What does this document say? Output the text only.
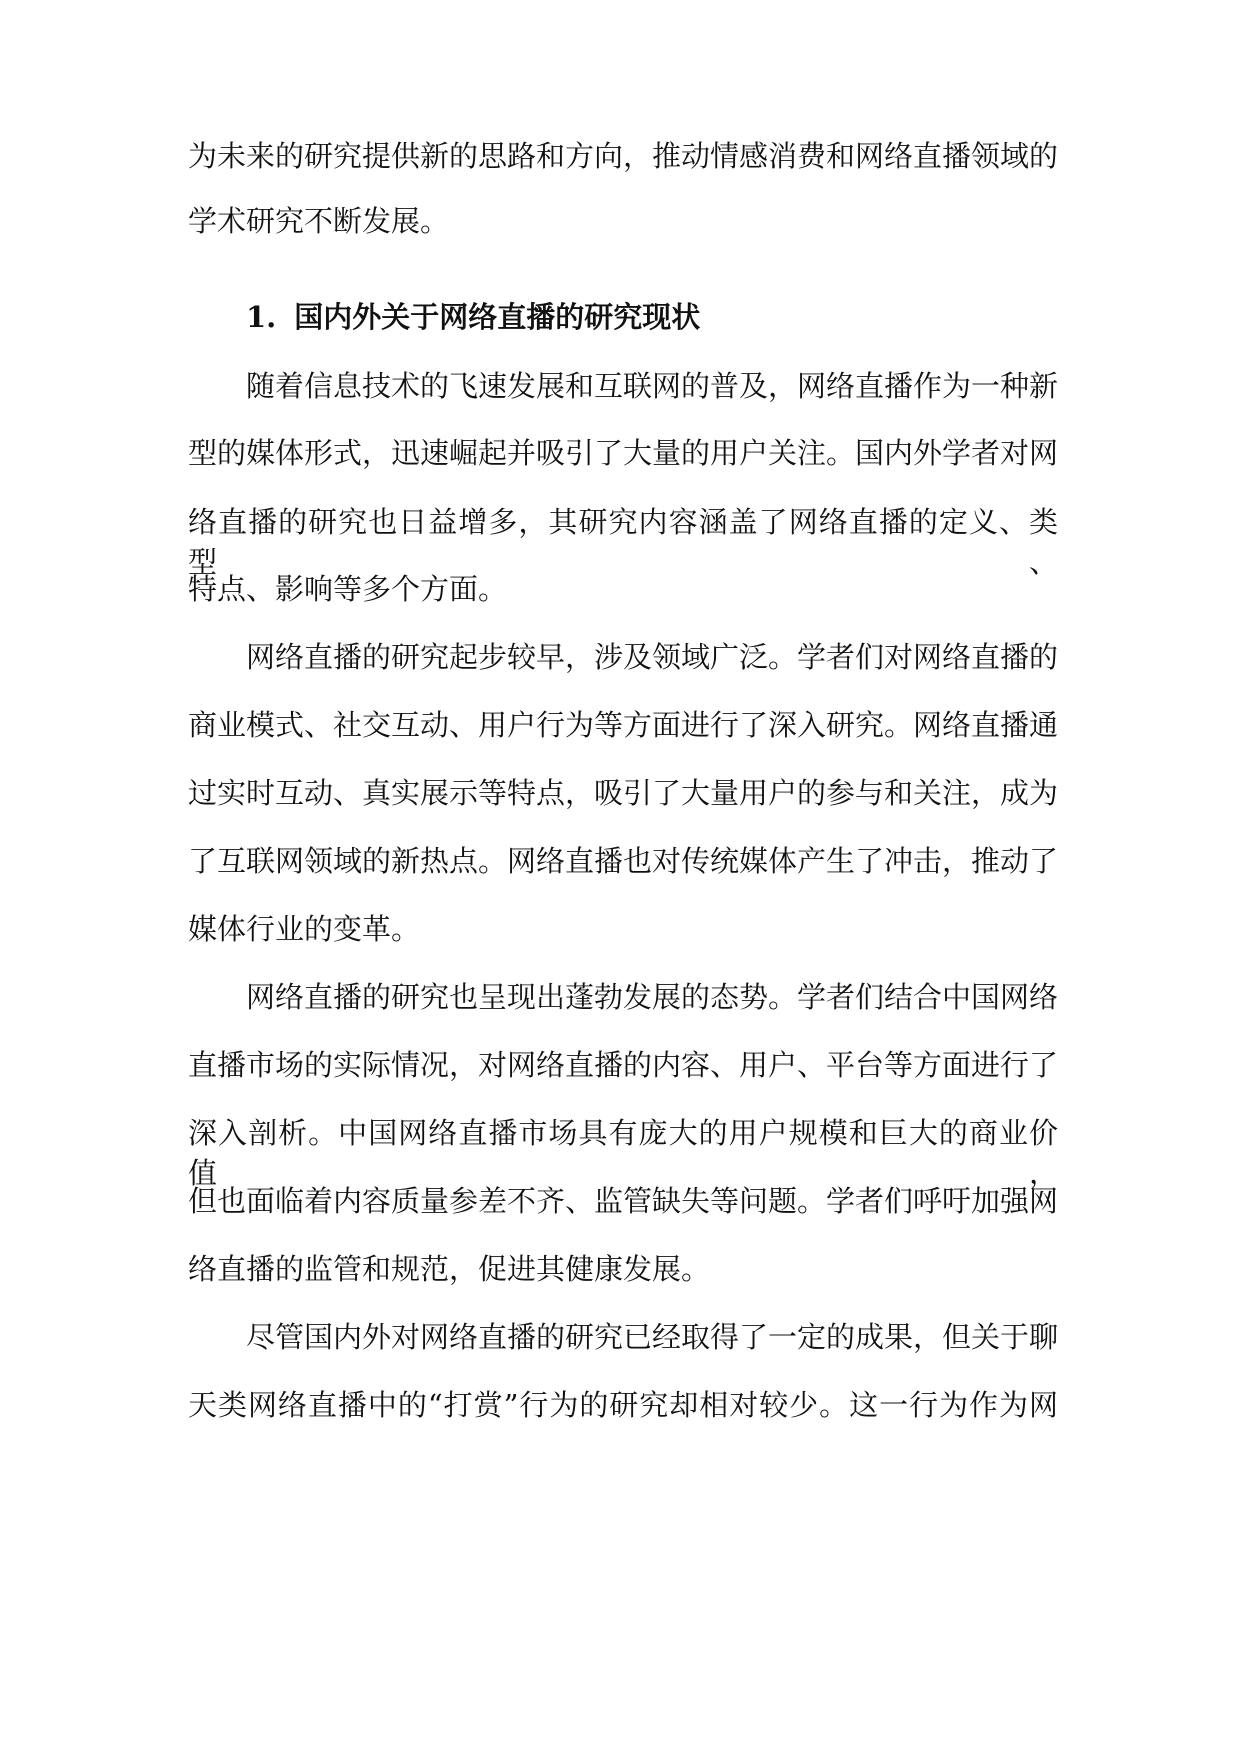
为未来的研究提供新的思路和方向，推动情感消费和网络直播领域的
学术研究不断发展。
1. 国内外关于网络直播的研究现状
随着信息技术的飞速发展和互联网的普及，网络直播作为一种新
型的媒体形式，迅速崛起并吸引了大量的用户关注。国内外学者对网
络直播的研究也日益增多，其研究内容涵盖了网络直播的定义、类型、
特点、影响等多个方面。
网络直播的研究起步较早，涉及领域广泛。学者们对网络直播的
商业模式、社交互动、用户行为等方面进行了深入研究。网络直播通
过实时互动、真实展示等特点，吸引了大量用户的参与和关注，成为
了互联网领域的新热点。网络直播也对传统媒体产生了冲击，推动了
媒体行业的变革。
网络直播的研究也呈现出蓬勃发展的态势。学者们结合中国网络
直播市场的实际情况，对网络直播的内容、用户、平台等方面进行了
深入剖析。中国网络直播市场具有庞大的用户规模和巨大的商业价值，
但也面临着内容质量参差不齐、监管缺失等问题。学者们呼吁加强网
络直播的监管和规范，促进其健康发展。
尽管国内外对网络直播的研究已经取得了一定的成果，但关于聊
天类网络直播中的“打赏”行为的研究却相对较少。这一行为作为网
